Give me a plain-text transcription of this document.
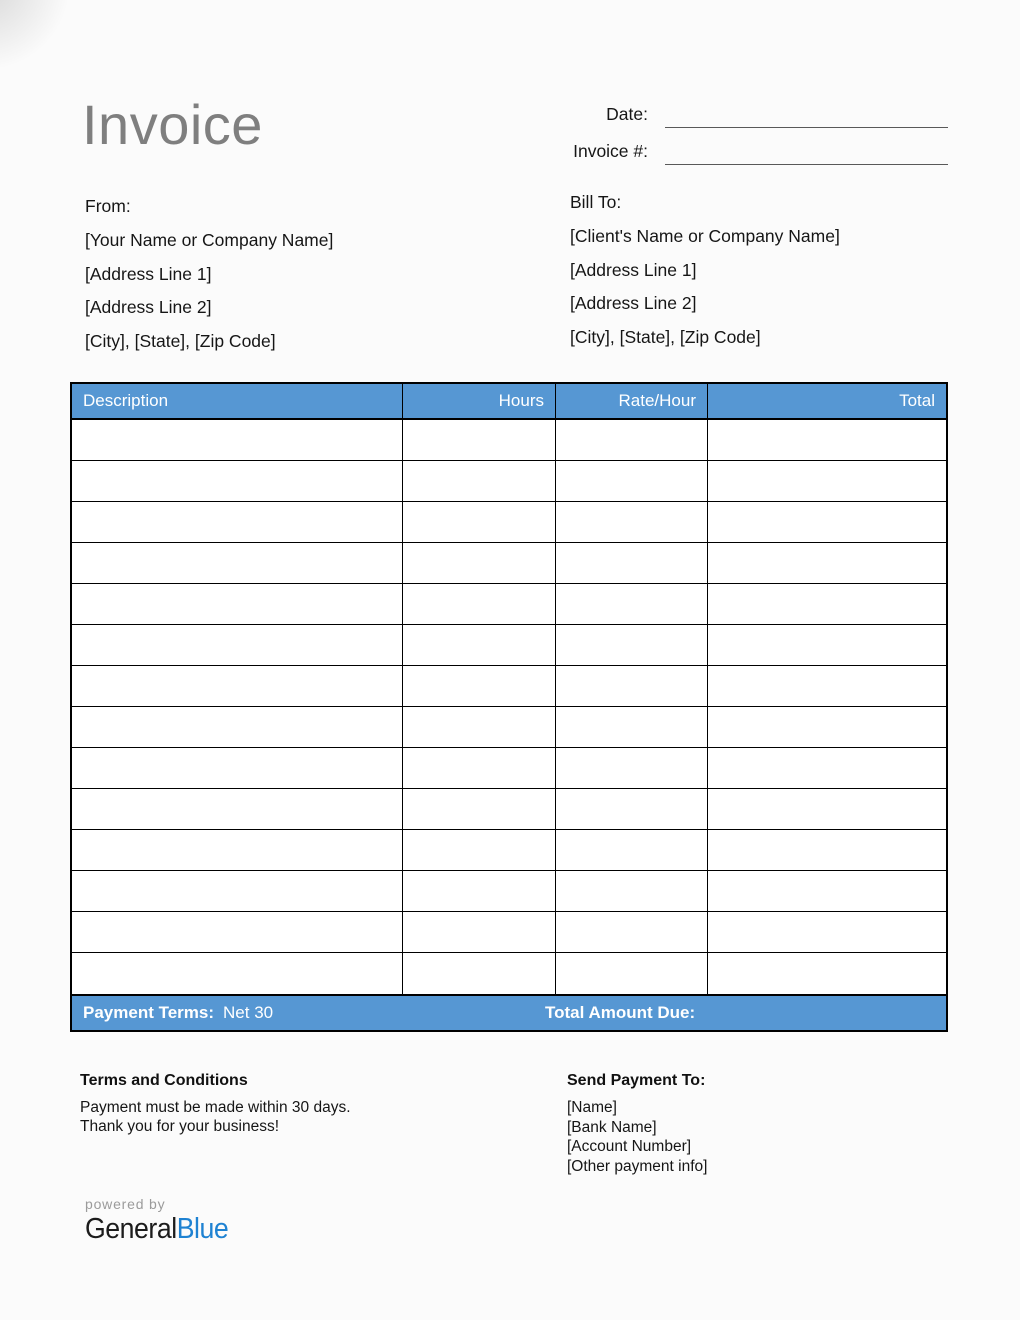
Invoice	Date:
Invoice #:
From:
[Your Name or Company Name]
[Address Line 1]
[Address Line 2]
[City], [State], [Zip Code]
Bill To:
[Client's Name or Company Name]
[Address Line 1]
[Address Line 2]
[City], [State], [Zip Code]
Description	Hours	Rate/Hour	Total
Payment Terms: Net 30	Total Amount Due:
Terms and Conditions
Payment must be made within 30 days.
Thank you for your business!
Send Payment To:
[Name]
[Bank Name]
[Account Number]
[Other payment info]
powered by
GeneralBlue
